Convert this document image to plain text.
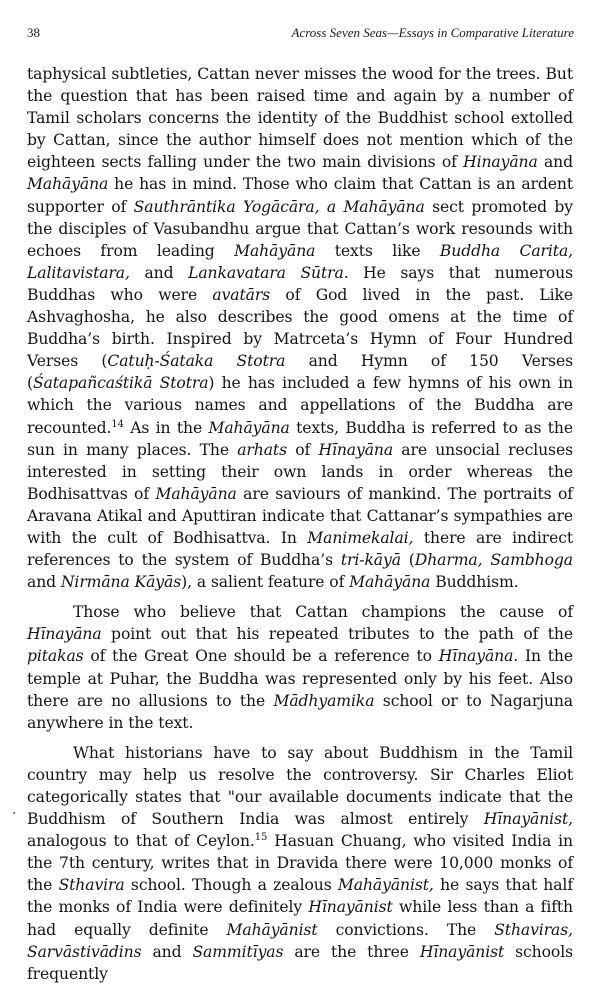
38	Across Seven Seas—Essays in Comparative Literature

taphysical subtleties, Cattan never misses the wood for the trees. But the question that has been raised time and again by a number of Tamil scholars concerns the identity of the Buddhist school extolled by Cattan, since the author himself does not mention which of the eighteen sects falling under the two main divisions of Hinayāna and Mahāyāna he has in mind. Those who claim that Cattan is an ardent supporter of Sauthrāntika Yogācāra, a Mahāyāna sect promoted by the disciples of Vasubandhu argue that Cattan’s work resounds with echoes from leading Mahāyāna texts like Buddha Carita, Lalitavistara, and Lankavatara Sūtra. He says that numerous Buddhas who were avatārs of God lived in the past. Like Ashvaghosha, he also describes the good omens at the time of Buddha’s birth. Inspired by Matrceta’s Hymn of Four Hundred Verses (Catuḥ-Śataka Stotra and Hymn of 150 Verses (Śatapañcaśtikā Stotra) he has included a few hymns of his own in which the various names and appellations of the Buddha are recounted.$^{14}$ As in the Mahāyāna texts, Buddha is referred to as the sun in many places. The arhats of Hīnayāna are unsocial recluses interested in setting their own lands in order whereas the Bodhisattvas of Mahāyāna are saviours of mankind. The portraits of Aravana Atikal and Aputtiran indicate that Cattanar’s sympathies are with the cult of Bodhisattva. In Manimekalai, there are indirect references to the system of Buddha’s tri-kāyā (Dharma, Sambhoga and Nirmāna Kāyās), a salient feature of Mahāyāna Buddhism.

Those who believe that Cattan champions the cause of Hīnayāna point out that his repeated tributes to the path of the pitakas of the Great One should be a reference to Hīnayāna. In the temple at Puhar, the Buddha was represented only by his feet. Also there are no allusions to the Mādhyamika school or to Nagarjuna anywhere in the text.

What historians have to say about Buddhism in the Tamil country may help us resolve the controversy. Sir Charles Eliot categorically states that "our available documents indicate that the Buddhism of Southern India was almost entirely Hīnayānist, analogous to that of Ceylon.$^{15}$ Hasuan Chuang, who visited India in the 7th century, writes that in Dravida there were 10,000 monks of the Sthavira school. Though a zealous Mahāyānist, he says that half the monks of India were definitely Hīnayānist while less than a fifth had equally definite Mahāyānist convictions. The Sthaviras, Sarvāstivādins and Sammitīyas are the three Hīnayānist schools frequently

.
